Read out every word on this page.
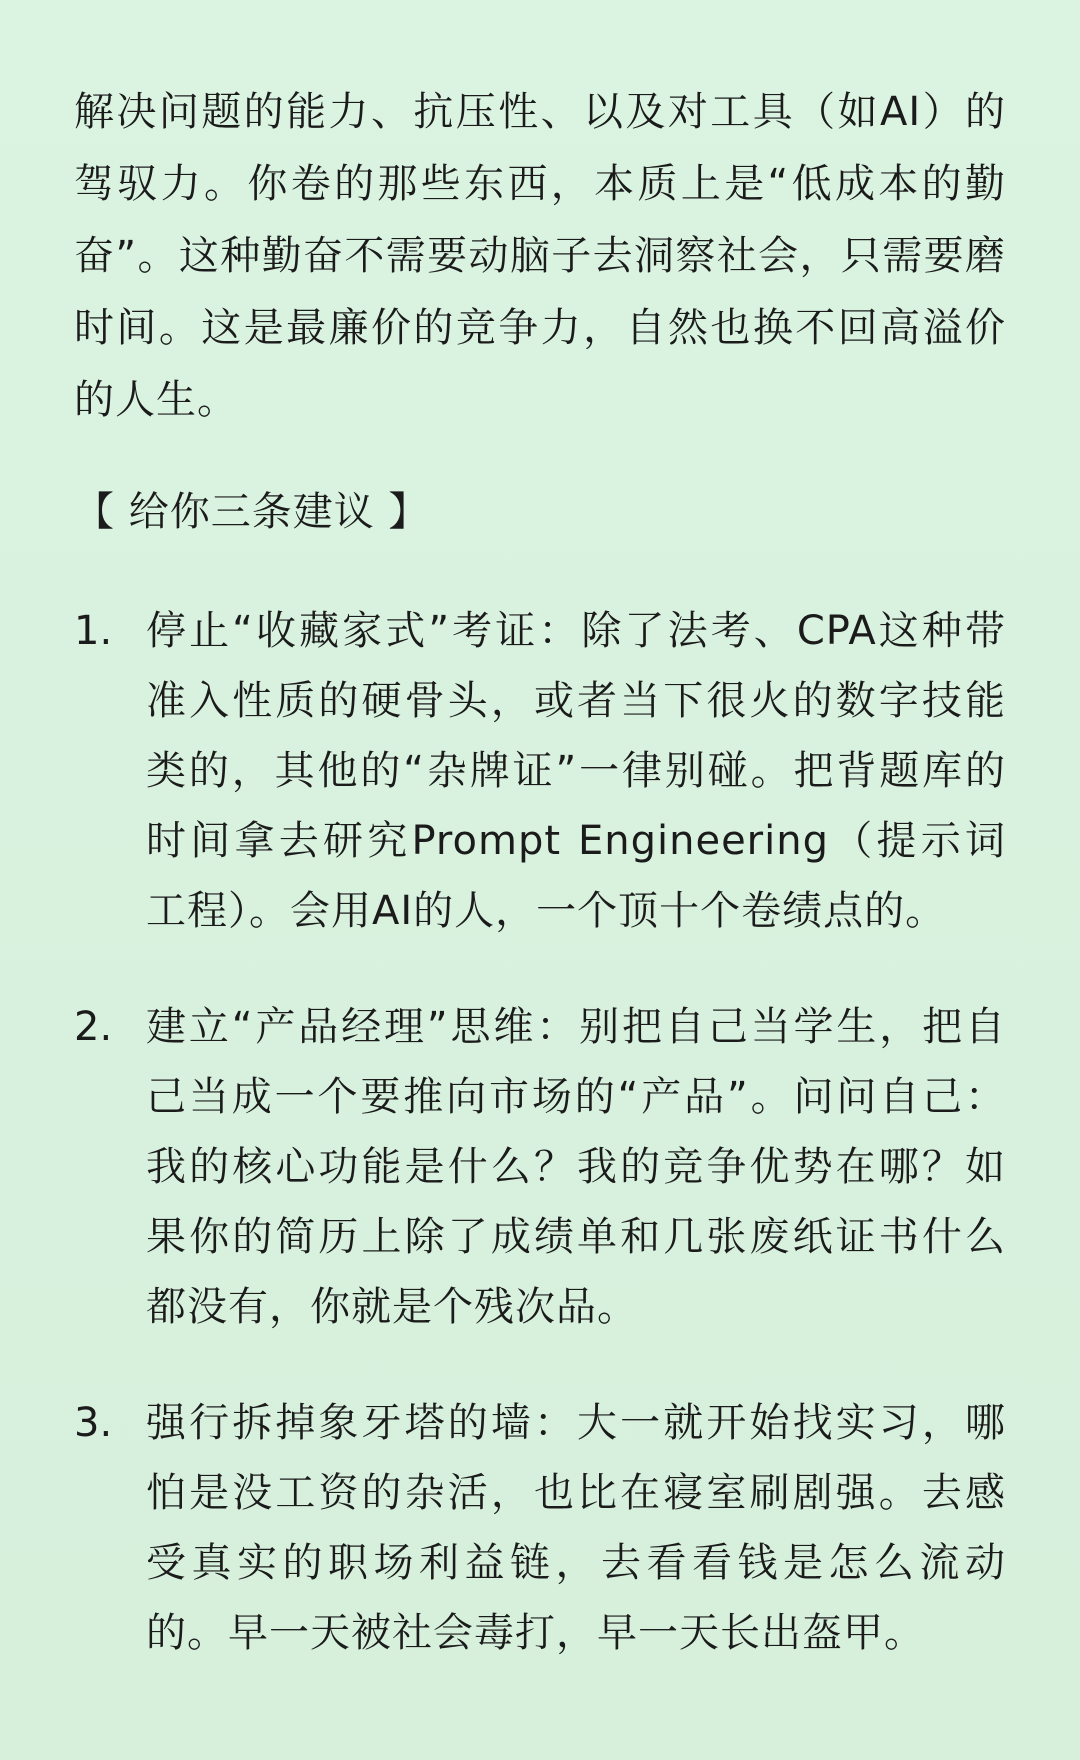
解决问题的能力、抗压性、以及对工具（如AI）的驾驭力。你卷的那些东西，本质上是“低成本的勤奋”。这种勤奋不需要动脑子去洞察社会，只需要磨时间。这是最廉价的竞争力，自然也换不回高溢价的人生。

【 给你三条建议 】

1. 停止“收藏家式”考证：除了法考、CPA这种带准入性质的硬骨头，或者当下很火的数字技能类的，其他的“杂牌证”一律别碰。把背题库的时间拿去研究Prompt Engineering（提示词工程）。会用AI的人，一个顶十个卷绩点的。
2. 建立“产品经理”思维：别把自己当学生，把自己当成一个要推向市场的“产品”。问问自己：我的核心功能是什么？我的竞争优势在哪？如果你的简历上除了成绩单和几张废纸证书什么都没有，你就是个残次品。
3. 强行拆掉象牙塔的墙：大一就开始找实习，哪怕是没工资的杂活，也比在寝室刷剧强。去感受真实的职场利益链，去看看钱是怎么流动的。早一天被社会毒打，早一天长出盔甲。
